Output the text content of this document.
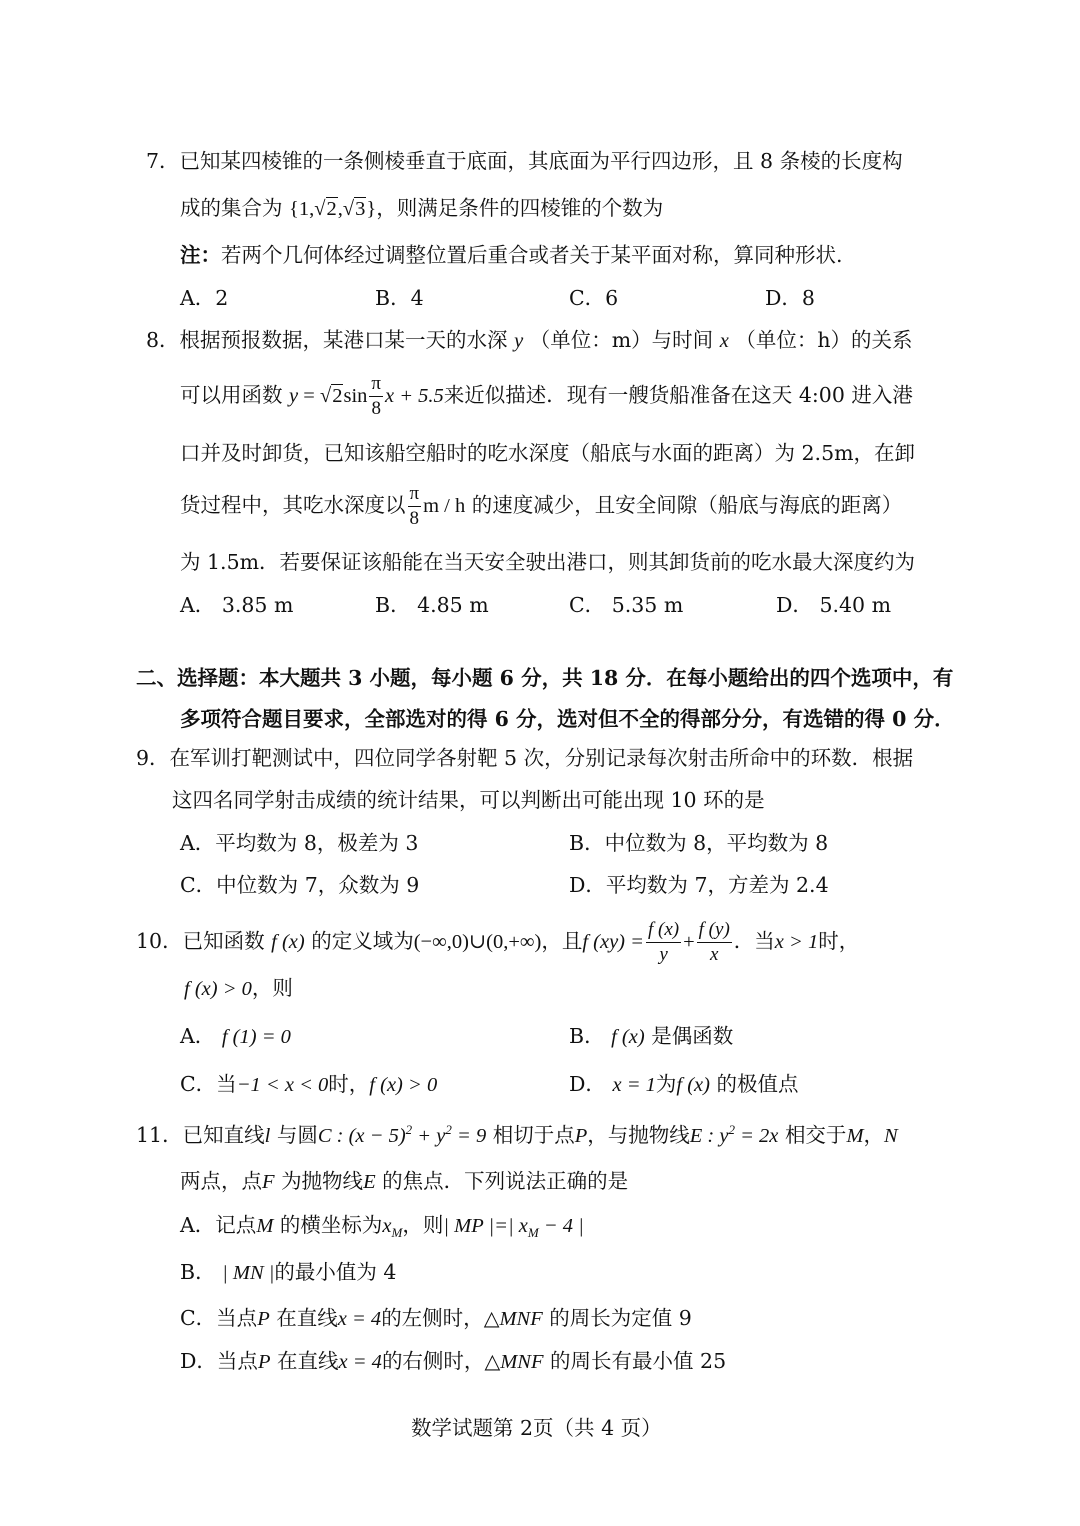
7．已知某四棱锥的一条侧棱垂直于底面，其底面为平行四边形，且 8 条棱的长度构
成的集合为 {1,√2,√3}，则满足条件的四棱锥的个数为
注：若两个几何体经过调整位置后重合或者关于某平面对称，算同种形状.
A．2	B．4	C．6	D．8
8．根据预报数据，某港口某一天的水深 y （单位：m）与时间 x （单位：h）的关系
可以用函数 $y = √2\sin \frac{\pi}{8}$ x + 5.5来近似描述．现有一艘货船准备在这天 4:00 进入港
口并及时卸货，已知该船空船时的吃水深度（船底与水面的距离）为 2.5m，在卸
货过程中，其吃水深度以 $\frac{\pi}{8}$ m / h 的速度减少，且安全间隙（船底与海底的距离）
为 1.5m．若要保证该船能在当天安全驶出港口，则其卸货前的吃水最大深度约为
A． 3.85 m	B． 4.85 m	C． 5.35 m	D． 5.40 m
二、选择题：本大题共 3 小题，每小题 6 分，共 18 分．在每小题给出的四个选项中，有
多项符合题目要求，全部选对的得 6 分，选对但不全的得部分分，有选错的得 0 分．
9．在军训打靶测试中，四位同学各射靶 5 次，分别记录每次射击所命中的环数．根据
这四名同学射击成绩的统计结果，可以判断出可能出现 10 环的是
A．平均数为 8，极差为 3	B．中位数为 8，平均数为 8
C．中位数为 7，众数为 9	D．平均数为 7，方差为 2.4
10．已知函数 f (x) 的定义域为(−∞,0)∪(0,+∞)，且f $(xy) = \frac{f (x)}{y} + \frac{f (y)}{x}$ ．当x > 1时，
f (x) > 0，则
A． f (1) = 0	B． f (x) 是偶函数
C．当−1 < x < 0时，f (x) > 0	D． x = 1为f (x) 的极值点
11．已知直线l 与圆C : $(x - 5)^2 + y^2 = 9$ 相切于点P，与抛物线E : $y^2 = 2x$ 相交于M，N
两点，点F 为抛物线E 的焦点．下列说法正确的是
A．记点M 的横坐标为$x_M$，则| MP |=| $x_M - 4$ |
B． | MN |的最小值为 4
C．当点P 在直线x = 4的左侧时，△MNF 的周长为定值 9
D．当点P 在直线x = 4的右侧时，△MNF 的周长有最小值 25
数学试题第 2页（共 4 页）
